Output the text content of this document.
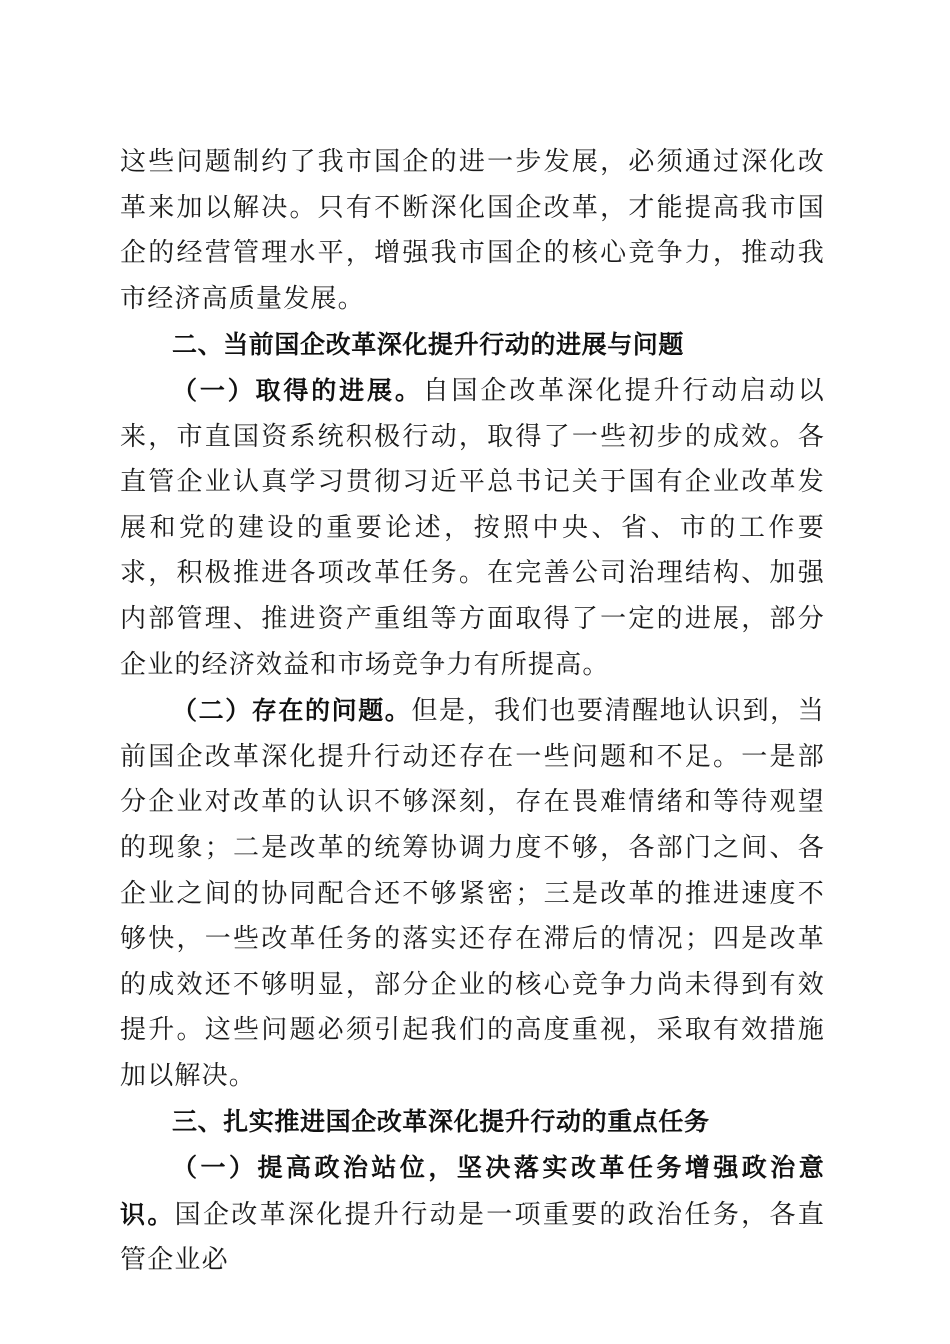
这些问题制约了我市国企的进一步发展，必须通过深化改革来加以解决。只有不断深化国企改革，才能提高我市国企的经营管理水平，增强我市国企的核心竞争力，推动我市经济高质量发展。

二、当前国企改革深化提升行动的进展与问题

（一）取得的进展。自国企改革深化提升行动启动以来，市直国资系统积极行动，取得了一些初步的成效。各直管企业认真学习贯彻习近平总书记关于国有企业改革发展和党的建设的重要论述，按照中央、省、市的工作要求，积极推进各项改革任务。在完善公司治理结构、加强内部管理、推进资产重组等方面取得了一定的进展，部分企业的经济效益和市场竞争力有所提高。

（二）存在的问题。但是，我们也要清醒地认识到，当前国企改革深化提升行动还存在一些问题和不足。一是部分企业对改革的认识不够深刻，存在畏难情绪和等待观望的现象；二是改革的统筹协调力度不够，各部门之间、各企业之间的协同配合还不够紧密；三是改革的推进速度不够快，一些改革任务的落实还存在滞后的情况；四是改革的成效还不够明显，部分企业的核心竞争力尚未得到有效提升。这些问题必须引起我们的高度重视，采取有效措施加以解决。

三、扎实推进国企改革深化提升行动的重点任务

（一）提高政治站位，坚决落实改革任务增强政治意识。国企改革深化提升行动是一项重要的政治任务，各直管企业必
